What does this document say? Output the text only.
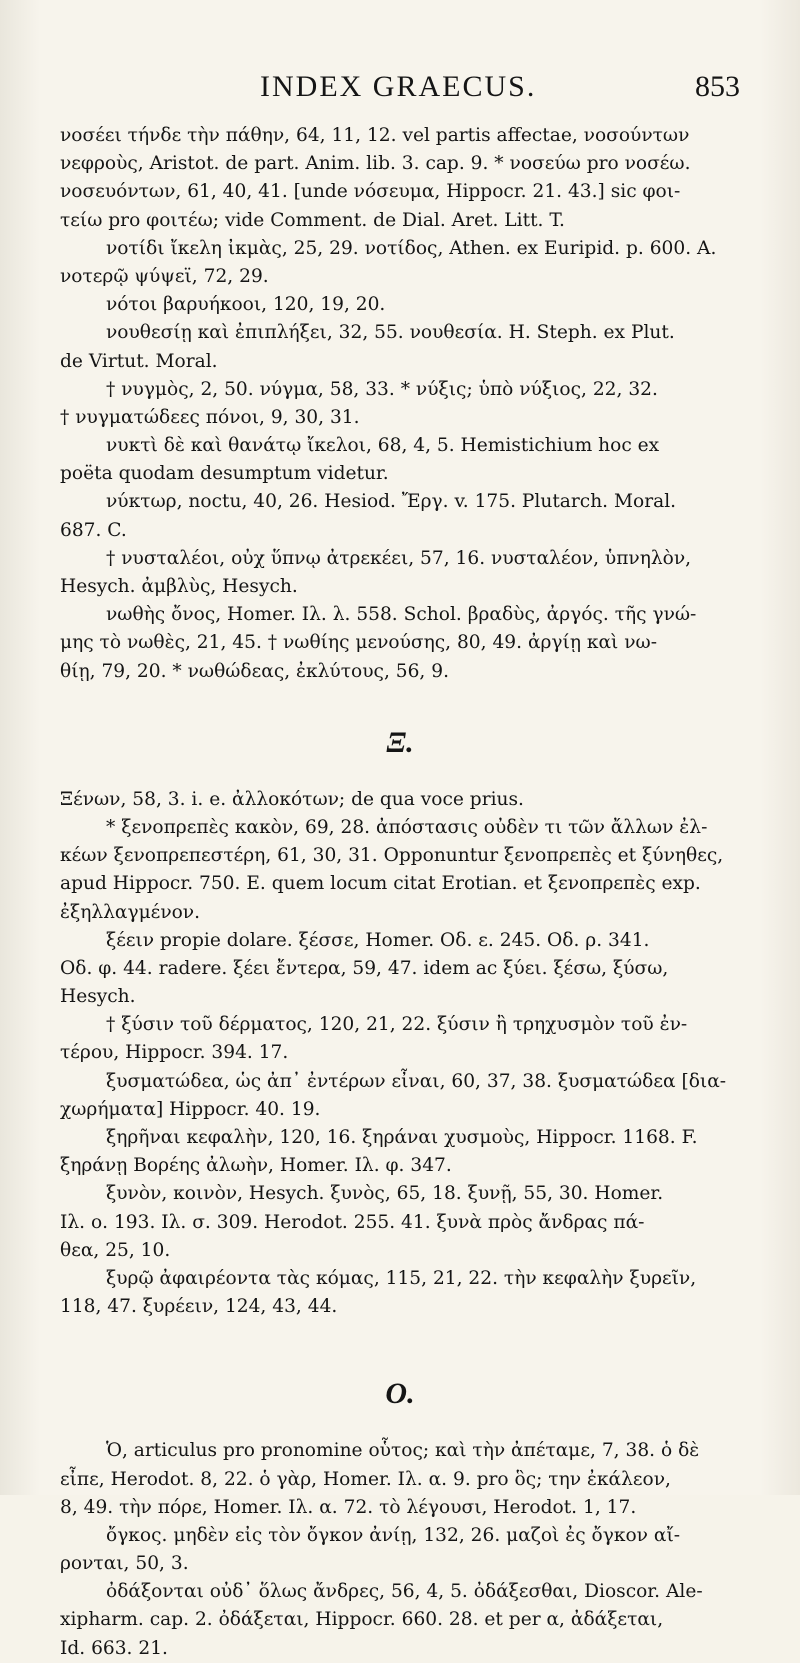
INDEX GRAECUS.	853
νοσέει τήνδε τὴν πάθην, 64, 11, 12. vel partis affectae, νοσούντων
νεφροὺς, Aristot. de part. Anim. lib. 3. cap. 9. * νοσεύω pro νοσέω.
νοσευόντων, 61, 40, 41. [unde νόσευμα, Hippocr. 21. 43.] sic φοι-
τείω pro φοιτέω; vide Comment. de Dial. Aret. Litt. T.
νοτίδι ἴκελη ἰκμὰς, 25, 29. νοτίδος, Athen. ex Euripid. p. 600. A.
νοτερῷ ψύψεϊ, 72, 29.
νότοι βαρυήκοοι, 120, 19, 20.
νουθεσίῃ καὶ ἐπιπλήξει, 32, 55. νουθεσία. H. Steph. ex Plut.
de Virtut. Moral.
† νυγμὸς, 2, 50. νύγμα, 58, 33. * νύξις; ὑπὸ νύξιος, 22, 32.
† νυγματώδεες πόνοι, 9, 30, 31.
νυκτὶ δὲ καὶ θανάτῳ ἴκελοι, 68, 4, 5. Hemistichium hoc ex
poëta quodam desumptum videtur.
νύκτωρ, noctu, 40, 26. Hesiod. Ἔργ. v. 175. Plutarch. Moral.
687. C.
† νυσταλέοι, οὐχ ὕπνῳ ἀτρεκέει, 57, 16. νυσταλέον, ὑπνηλὸν,
Hesych. ἀμβλὺς, Hesych.
νωθὴς ὄνος, Homer. Ιλ. λ. 558. Schol. βραδὺς, ἀργός. τῆς γνώ-
μης τὸ νωθὲς, 21, 45. † νωθίης μενούσης, 80, 49. ἀργίῃ καὶ νω-
θίῃ, 79, 20. * νωθώδεας, ἐκλύτους, 56, 9.
Ξ.
Ξένων, 58, 3. i. e. ἀλλοκότων; de qua voce prius.
* ξενοπρεπὲς κακὸν, 69, 28. ἀπόστασις οὐδὲν τι τῶν ἄλλων ἐλ-
κέων ξενοπρεπεστέρη, 61, 30, 31. Opponuntur ξενοπρεπὲς et ξύνηθες,
apud Hippocr. 750. E. quem locum citat Erotian. et ξενοπρεπὲς exp.
ἐξηλλαγμένον.
ξέειν propie dolare. ξέσσε, Homer. Οδ. ε. 245. Οδ. ρ. 341.
Οδ. φ. 44. radere. ξέει ἔντερα, 59, 47. idem ac ξύει. ξέσω, ξύσω,
Hesych.
† ξύσιν τοῦ δέρματος, 120, 21, 22. ξύσιν ἢ τρηχυσμὸν τοῦ ἐν-
τέρου, Hippocr. 394. 17.
ξυσματώδεα, ὡς ἀπ᾽ ἐντέρων εἶναι, 60, 37, 38. ξυσματώδεα [δια-
χωρήματα] Hippocr. 40. 19.
ξηρῆναι κεφαλὴν, 120, 16. ξηράναι χυσμοὺς, Hippocr. 1168. F.
ξηράνῃ Βορέης ἀλωὴν, Homer. Ιλ. φ. 347.
ξυνὸν, κοινὸν, Hesych. ξυνὸς, 65, 18. ξυνῇ, 55, 30. Homer.
Ιλ. ο. 193. Ιλ. σ. 309. Herodot. 255. 41. ξυνὰ πρὸς ἄνδρας πά-
θεα, 25, 10.
ξυρῷ ἀφαιρέοντα τὰς κόμας, 115, 21, 22. τὴν κεφαλὴν ξυρεῖν,
118, 47. ξυρέειν, 124, 43, 44.
O.
Ὁ, articulus pro pronomine οὗτος; καὶ τὴν ἀπέταμε, 7, 38. ὁ δὲ
εἶπε, Herodot. 8, 22. ὁ γὰρ, Homer. Ιλ. α. 9. pro ὃς; την ἐκάλεον,
8, 49. τὴν πόρε, Homer. Ιλ. α. 72. τὸ λέγουσι, Herodot. 1, 17.
ὄγκος. μηδὲν εἰς τὸν ὄγκον ἀνίῃ, 132, 26. μαζοὶ ἐς ὄγκον αἴ-
ρονται, 50, 3.
ὀδάξονται οὐδ᾽ ὅλως ἄνδρες, 56, 4, 5. ὀδάξεσθαι, Dioscor. Ale-
xipharm. cap. 2. ὀδάξεται, Hippocr. 660. 28. et per α, ἀδάξεται,
Id. 663. 21.
